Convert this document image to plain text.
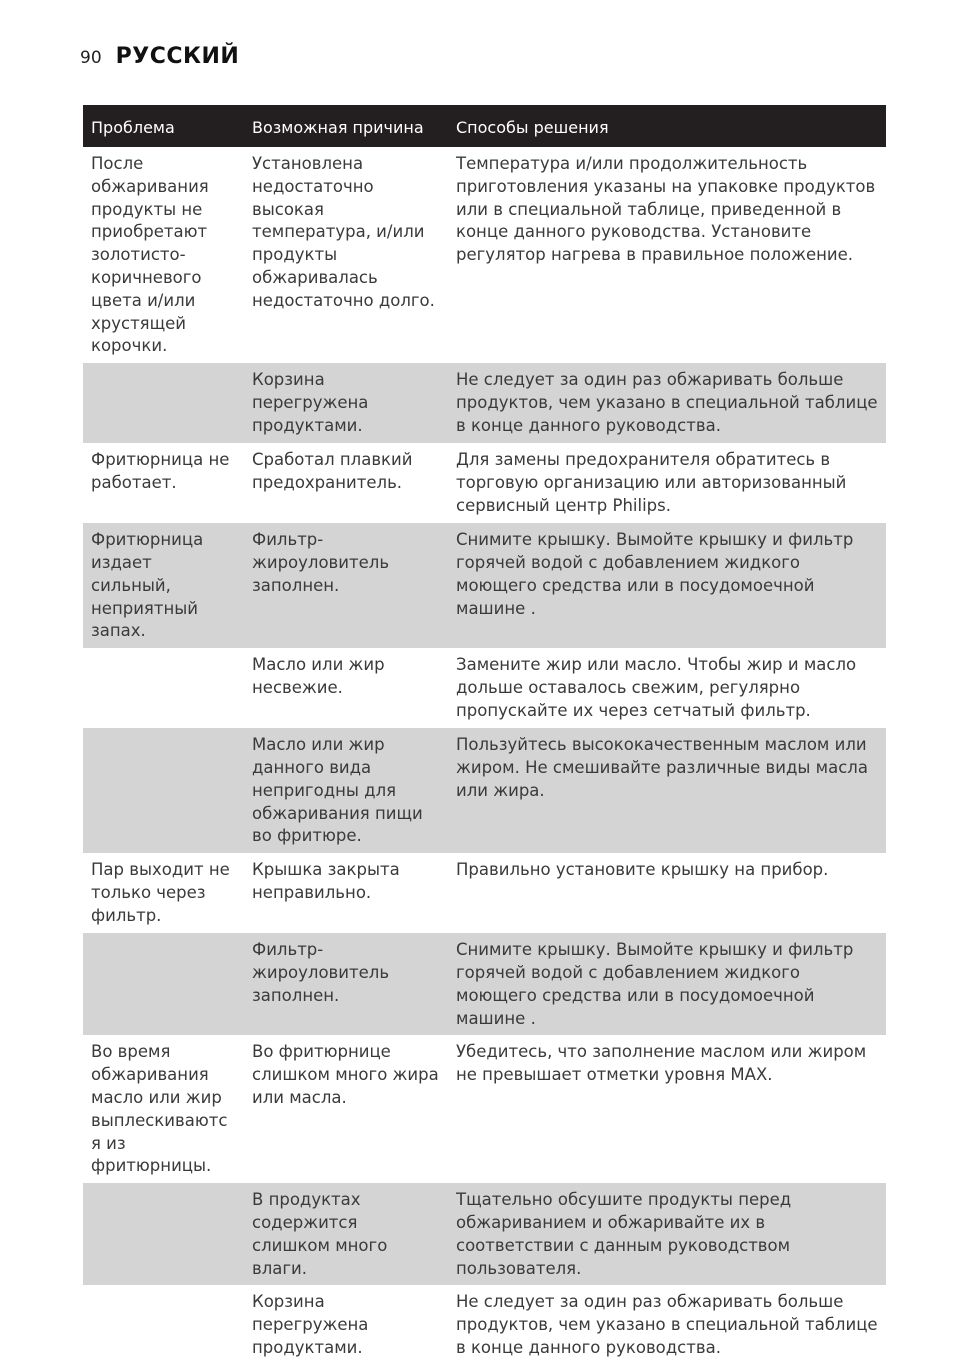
90 РУССКИЙ
Проблема	Возможная причина	Способы решения
После обжаривания продукты не приобретают золотисто-коричневого цвета и/или хрустящей корочки.	Установлена недостаточно высокая температура, и/или продукты обжаривалась недостаточно долго.	Температура и/или продолжительность приготовления указаны на упаковке продуктов или в специальной таблице, приведенной в конце данного руководства. Установите регулятор нагрева в правильное положение.
	Корзина перегружена продуктами.	Не следует за один раз обжаривать больше продуктов, чем указано в специальной таблице в конце данного руководства.
Фритюрница не работает.	Сработал плавкий предохранитель.	Для замены предохранителя обратитесь в торговую организацию или авторизованный сервисный центр Philips.
Фритюрница издает сильный, неприятный запах.	Фильтр-жироуловитель заполнен.	Снимите крышку. Вымойте крышку и фильтр горячей водой с добавлением жидкого моющего средства или в посудомоечной машине .
	Масло или жир несвежие.	Замените жир или масло. Чтобы жир и масло дольше оставалось свежим, регулярно пропускайте их через сетчатый фильтр.
	Масло или жир данного вида непригодны для обжаривания пищи во фритюре.	Пользуйтесь высококачественным маслом или жиром. Не смешивайте различные виды масла или жира.
Пар выходит не только через фильтр.	Крышка закрыта неправильно.	Правильно установите крышку на прибор.
	Фильтр-жироуловитель заполнен.	Снимите крышку. Вымойте крышку и фильтр горячей водой с добавлением жидкого моющего средства или в посудомоечной машине .
Во время обжаривания масло или жир выплескиваются из фритюрницы.	Во фритюрнице слишком много жира или масла.	Убедитесь, что заполнение маслом или жиром не превышает отметки уровня MAX.
	В продуктах содержится слишком много влаги.	Тщательно обсушите продукты перед обжариванием и обжаривайте их в соответствии с данным руководством пользователя.
	Корзина перегружена продуктами.	Не следует за один раз обжаривать больше продуктов, чем указано в специальной таблице в конце данного руководства.
